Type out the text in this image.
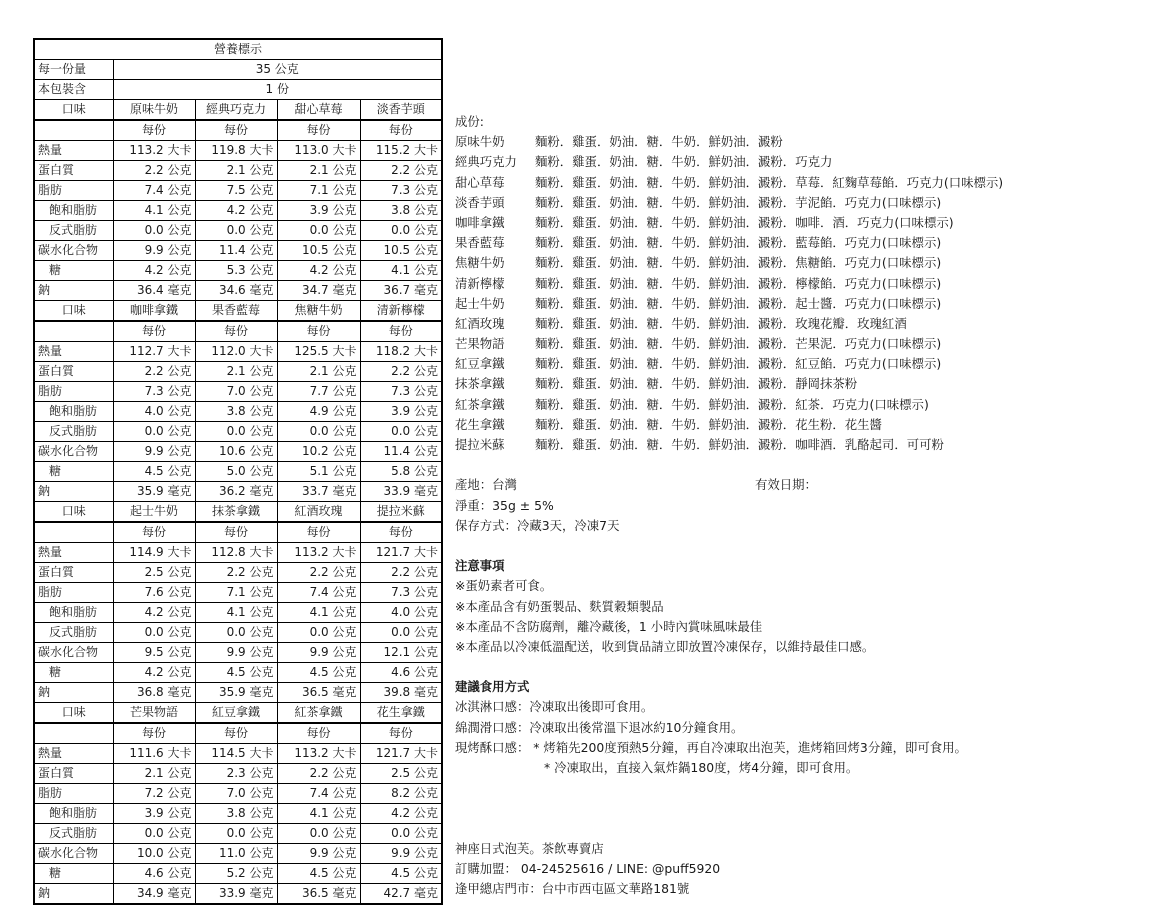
營養標示				
每一份量	35 公克			
本包裝含	1 份			
口味	原味牛奶	經典巧克力	甜心草莓	淡香芋頭
	每份	每份	每份	每份
熱量	113.2 大卡	119.8 大卡	113.0 大卡	115.2 大卡
蛋白質	2.2 公克	2.1 公克	2.1 公克	2.2 公克
脂肪	7.4 公克	7.5 公克	7.1 公克	7.3 公克
飽和脂肪	4.1 公克	4.2 公克	3.9 公克	3.8 公克
反式脂肪	0.0 公克	0.0 公克	0.0 公克	0.0 公克
碳水化合物	9.9 公克	11.4 公克	10.5 公克	10.5 公克
糖	4.2 公克	5.3 公克	4.2 公克	4.1 公克
鈉	36.4 毫克	34.6 毫克	34.7 毫克	36.7 毫克
口味	咖啡拿鐵	果香藍莓	焦糖牛奶	清新檸檬
	每份	每份	每份	每份
熱量	112.7 大卡	112.0 大卡	125.5 大卡	118.2 大卡
蛋白質	2.2 公克	2.1 公克	2.1 公克	2.2 公克
脂肪	7.3 公克	7.0 公克	7.7 公克	7.3 公克
飽和脂肪	4.0 公克	3.8 公克	4.9 公克	3.9 公克
反式脂肪	0.0 公克	0.0 公克	0.0 公克	0.0 公克
碳水化合物	9.9 公克	10.6 公克	10.2 公克	11.4 公克
糖	4.5 公克	5.0 公克	5.1 公克	5.8 公克
鈉	35.9 毫克	36.2 毫克	33.7 毫克	33.9 毫克
口味	起士牛奶	抹茶拿鐵	紅酒玫瑰	提拉米蘇
	每份	每份	每份	每份
熱量	114.9 大卡	112.8 大卡	113.2 大卡	121.7 大卡
蛋白質	2.5 公克	2.2 公克	2.2 公克	2.2 公克
脂肪	7.6 公克	7.1 公克	7.4 公克	7.3 公克
飽和脂肪	4.2 公克	4.1 公克	4.1 公克	4.0 公克
反式脂肪	0.0 公克	0.0 公克	0.0 公克	0.0 公克
碳水化合物	9.5 公克	9.9 公克	9.9 公克	12.1 公克
糖	4.2 公克	4.5 公克	4.5 公克	4.6 公克
鈉	36.8 毫克	35.9 毫克	36.5 毫克	39.8 毫克
口味	芒果物語	紅豆拿鐵	紅茶拿鐵	花生拿鐵
	每份	每份	每份	每份
熱量	111.6 大卡	114.5 大卡	113.2 大卡	121.7 大卡
蛋白質	2.1 公克	2.3 公克	2.2 公克	2.5 公克
脂肪	7.2 公克	7.0 公克	7.4 公克	8.2 公克
飽和脂肪	3.9 公克	3.8 公克	4.1 公克	4.2 公克
反式脂肪	0.0 公克	0.0 公克	0.0 公克	0.0 公克
碳水化合物	10.0 公克	11.0 公克	9.9 公克	9.9 公克
糖	4.6 公克	5.2 公克	4.5 公克	4.5 公克
鈉	34.9 毫克	33.9 毫克	36.5 毫克	42.7 毫克
成份:
原味牛奶 麵粉．雞蛋．奶油．糖．牛奶．鮮奶油．澱粉
經典巧克力 麵粉．雞蛋．奶油．糖．牛奶．鮮奶油．澱粉．巧克力
甜心草莓 麵粉．雞蛋．奶油．糖．牛奶．鮮奶油．澱粉．草莓．紅麴草莓餡．巧克力(口味標示)
淡香芋頭 麵粉．雞蛋．奶油．糖．牛奶．鮮奶油．澱粉．芋泥餡．巧克力(口味標示)
咖啡拿鐵 麵粉．雞蛋．奶油．糖．牛奶．鮮奶油．澱粉．咖啡．酒．巧克力(口味標示)
果香藍莓 麵粉．雞蛋．奶油．糖．牛奶．鮮奶油．澱粉．藍莓餡．巧克力(口味標示)
焦糖牛奶 麵粉．雞蛋．奶油．糖．牛奶．鮮奶油．澱粉．焦糖餡．巧克力(口味標示)
清新檸檬 麵粉．雞蛋．奶油．糖．牛奶．鮮奶油．澱粉．檸檬餡．巧克力(口味標示)
起士牛奶 麵粉．雞蛋．奶油．糖．牛奶．鮮奶油．澱粉．起士醬．巧克力(口味標示)
紅酒玫瑰 麵粉．雞蛋．奶油．糖．牛奶．鮮奶油．澱粉．玫瑰花瓣．玫瑰紅酒
芒果物語 麵粉．雞蛋．奶油．糖．牛奶．鮮奶油．澱粉．芒果泥．巧克力(口味標示)
紅豆拿鐵 麵粉．雞蛋．奶油．糖．牛奶．鮮奶油．澱粉．紅豆餡．巧克力(口味標示)
抹茶拿鐵 麵粉．雞蛋．奶油．糖．牛奶．鮮奶油．澱粉．靜岡抹茶粉
紅茶拿鐵 麵粉．雞蛋．奶油．糖．牛奶．鮮奶油．澱粉．紅茶．巧克力(口味標示)
花生拿鐵 麵粉．雞蛋．奶油．糖．牛奶．鮮奶油．澱粉．花生粉．花生醬
提拉米蘇 麵粉．雞蛋．奶油．糖．牛奶．鮮奶油．澱粉．咖啡酒．乳酪起司．可可粉
產地：台灣	有效日期：
淨重：35g ± 5%
保存方式：冷藏3天，冷凍7天
注意事項
※蛋奶素者可食。
※本產品含有奶蛋製品、麩質穀類製品
※本產品不含防腐劑，離冷藏後，1 小時內賞味風味最佳
※本產品以冷凍低溫配送，收到貨品請立即放置冷凍保存，以維持最佳口感。
建議食用方式
冰淇淋口感：冷凍取出後即可食用。
綿潤滑口感：冷凍取出後常溫下退冰約10分鐘食用。
現烤酥口感： * 烤箱先200度預熱5分鐘，再自冷凍取出泡芙，進烤箱回烤3分鐘，即可食用。
* 冷凍取出，直接入氣炸鍋180度，烤4分鐘，即可食用。
神座日式泡芙。茶飲專賣店
訂購加盟： 04-24525616 / LINE: @puff5920
逢甲總店門市：台中市西屯區文華路181號
